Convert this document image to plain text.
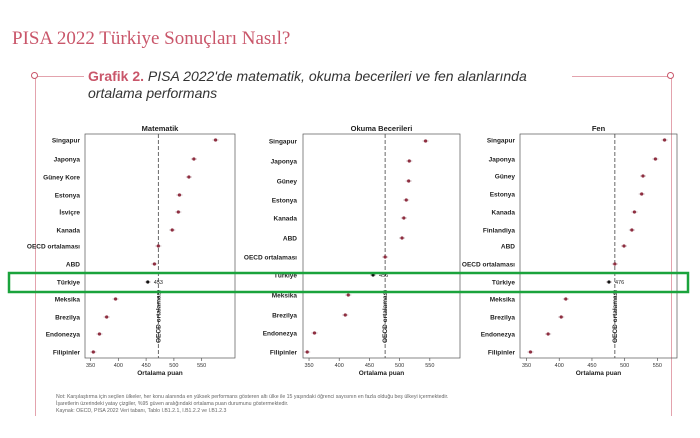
PISA 2022 Türkiye Sonuçları Nasıl?
Grafik 2. PISA 2022'de matematik, okuma becerileri ve fen alanlarında ortalama performans
Matematik
350	400	450	500	550
Ortalama puan
OECD ortalaması
Singapur
Japonya
Güney Kore
Estonya
İsviçre
Kanada
OECD ortalaması
ABD
Türkiye	453
Meksika
Brezilya
Endonezya
Filipinler
Okuma Becerileri
350	400	450	500	550
Ortalama puan
OECD ortalaması
Singapur
Japonya
Güney
Estonya
Kanada
ABD
OECD ortalaması
Türkiye	456
Meksika
Brezilya
Endonezya
Filipinler
Fen
350	400	450	500	550
Ortalama puan
OECD ortalaması
Singapur
Japonya
Güney
Estonya
Kanada
Finlandiya
ABD
OECD ortalaması
Türkiye	476
Meksika
Brezilya
Endonezya
Filipinler
Not: Karşılaştırma için seçilen ülkeler, her konu alanında en yüksek performans gösteren altı ülke ile 15 yaşındaki öğrenci sayısının en fazla olduğu beş ülkeyi içermektedir.
İşaretlerin üzerindeki yatay çizgiler, %95 güven aralığındaki ortalama puan durumunu göstermektedir.
Kaynak: OECD, PISA 2022 Veri tabanı, Tablo I.B1.2.1, I.B1.2.2 ve I.B1.2.3
